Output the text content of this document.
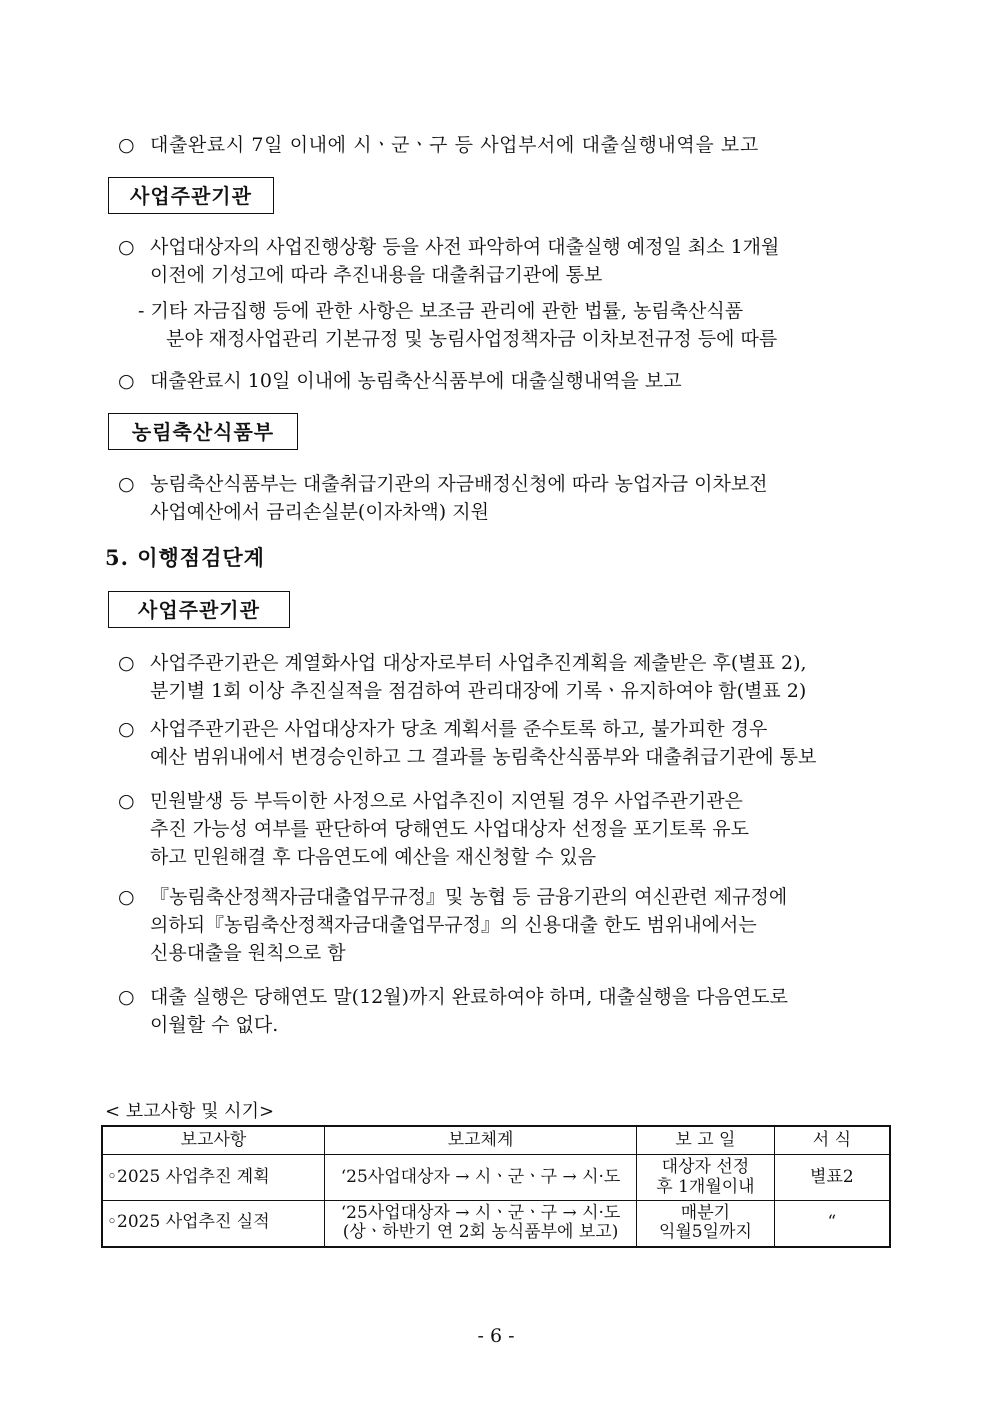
○ 대출완료시 7일 이내에 시ㆍ군ㆍ구 등 사업부서에 대출실행내역을 보고
사업주관기관
○ 사업대상자의 사업진행상황 등을 사전 파악하여 대출실행 예정일 최소 1개월
이전에 기성고에 따라 추진내용을 대출취급기관에 통보
- 기타 자금집행 등에 관한 사항은 보조금 관리에 관한 법률, 농림축산식품
분야 재정사업관리 기본규정 및 농림사업정책자금 이차보전규정 등에 따름
○ 대출완료시 10일 이내에 농림축산식품부에 대출실행내역을 보고
농림축산식품부
○ 농림축산식품부는 대출취급기관의 자금배정신청에 따라 농업자금 이차보전
사업예산에서 금리손실분(이자차액) 지원
5. 이행점검단계
사업주관기관
○ 사업주관기관은 계열화사업 대상자로부터 사업추진계획을 제출받은 후(별표 2),
분기별 1회 이상 추진실적을 점검하여 관리대장에 기록ㆍ유지하여야 함(별표 2)
○ 사업주관기관은 사업대상자가 당초 계획서를 준수토록 하고, 불가피한 경우
예산 범위내에서 변경승인하고 그 결과를 농림축산식품부와 대출취급기관에 통보
○ 민원발생 등 부득이한 사정으로 사업추진이 지연될 경우 사업주관기관은
추진 가능성 여부를 판단하여 당해연도 사업대상자 선정을 포기토록 유도
하고 민원해결 후 다음연도에 예산을 재신청할 수 있음
○ 『농림축산정책자금대출업무규정』및 농협 등 금융기관의 여신관련 제규정에
의하되『농림축산정책자금대출업무규정』의 신용대출 한도 범위내에서는
신용대출을 원칙으로 함
○ 대출 실행은 당해연도 말(12월)까지 완료하여야 하며, 대출실행을 다음연도로
이월할 수 없다.
< 보고사항 및 시기>
보고사항	보고체계	보 고 일	서 식
◦2025 사업추진 계획	‘25사업대상자 → 시ㆍ군ㆍ구 → 시·도	대상자 선정
후 1개월이내	별표2
◦2025 사업추진 실적	‘25사업대상자 → 시ㆍ군ㆍ구 → 시·도
(상ㆍ하반기 연 2회 농식품부에 보고)	매분기
익월5일까지	“
- 6 -
